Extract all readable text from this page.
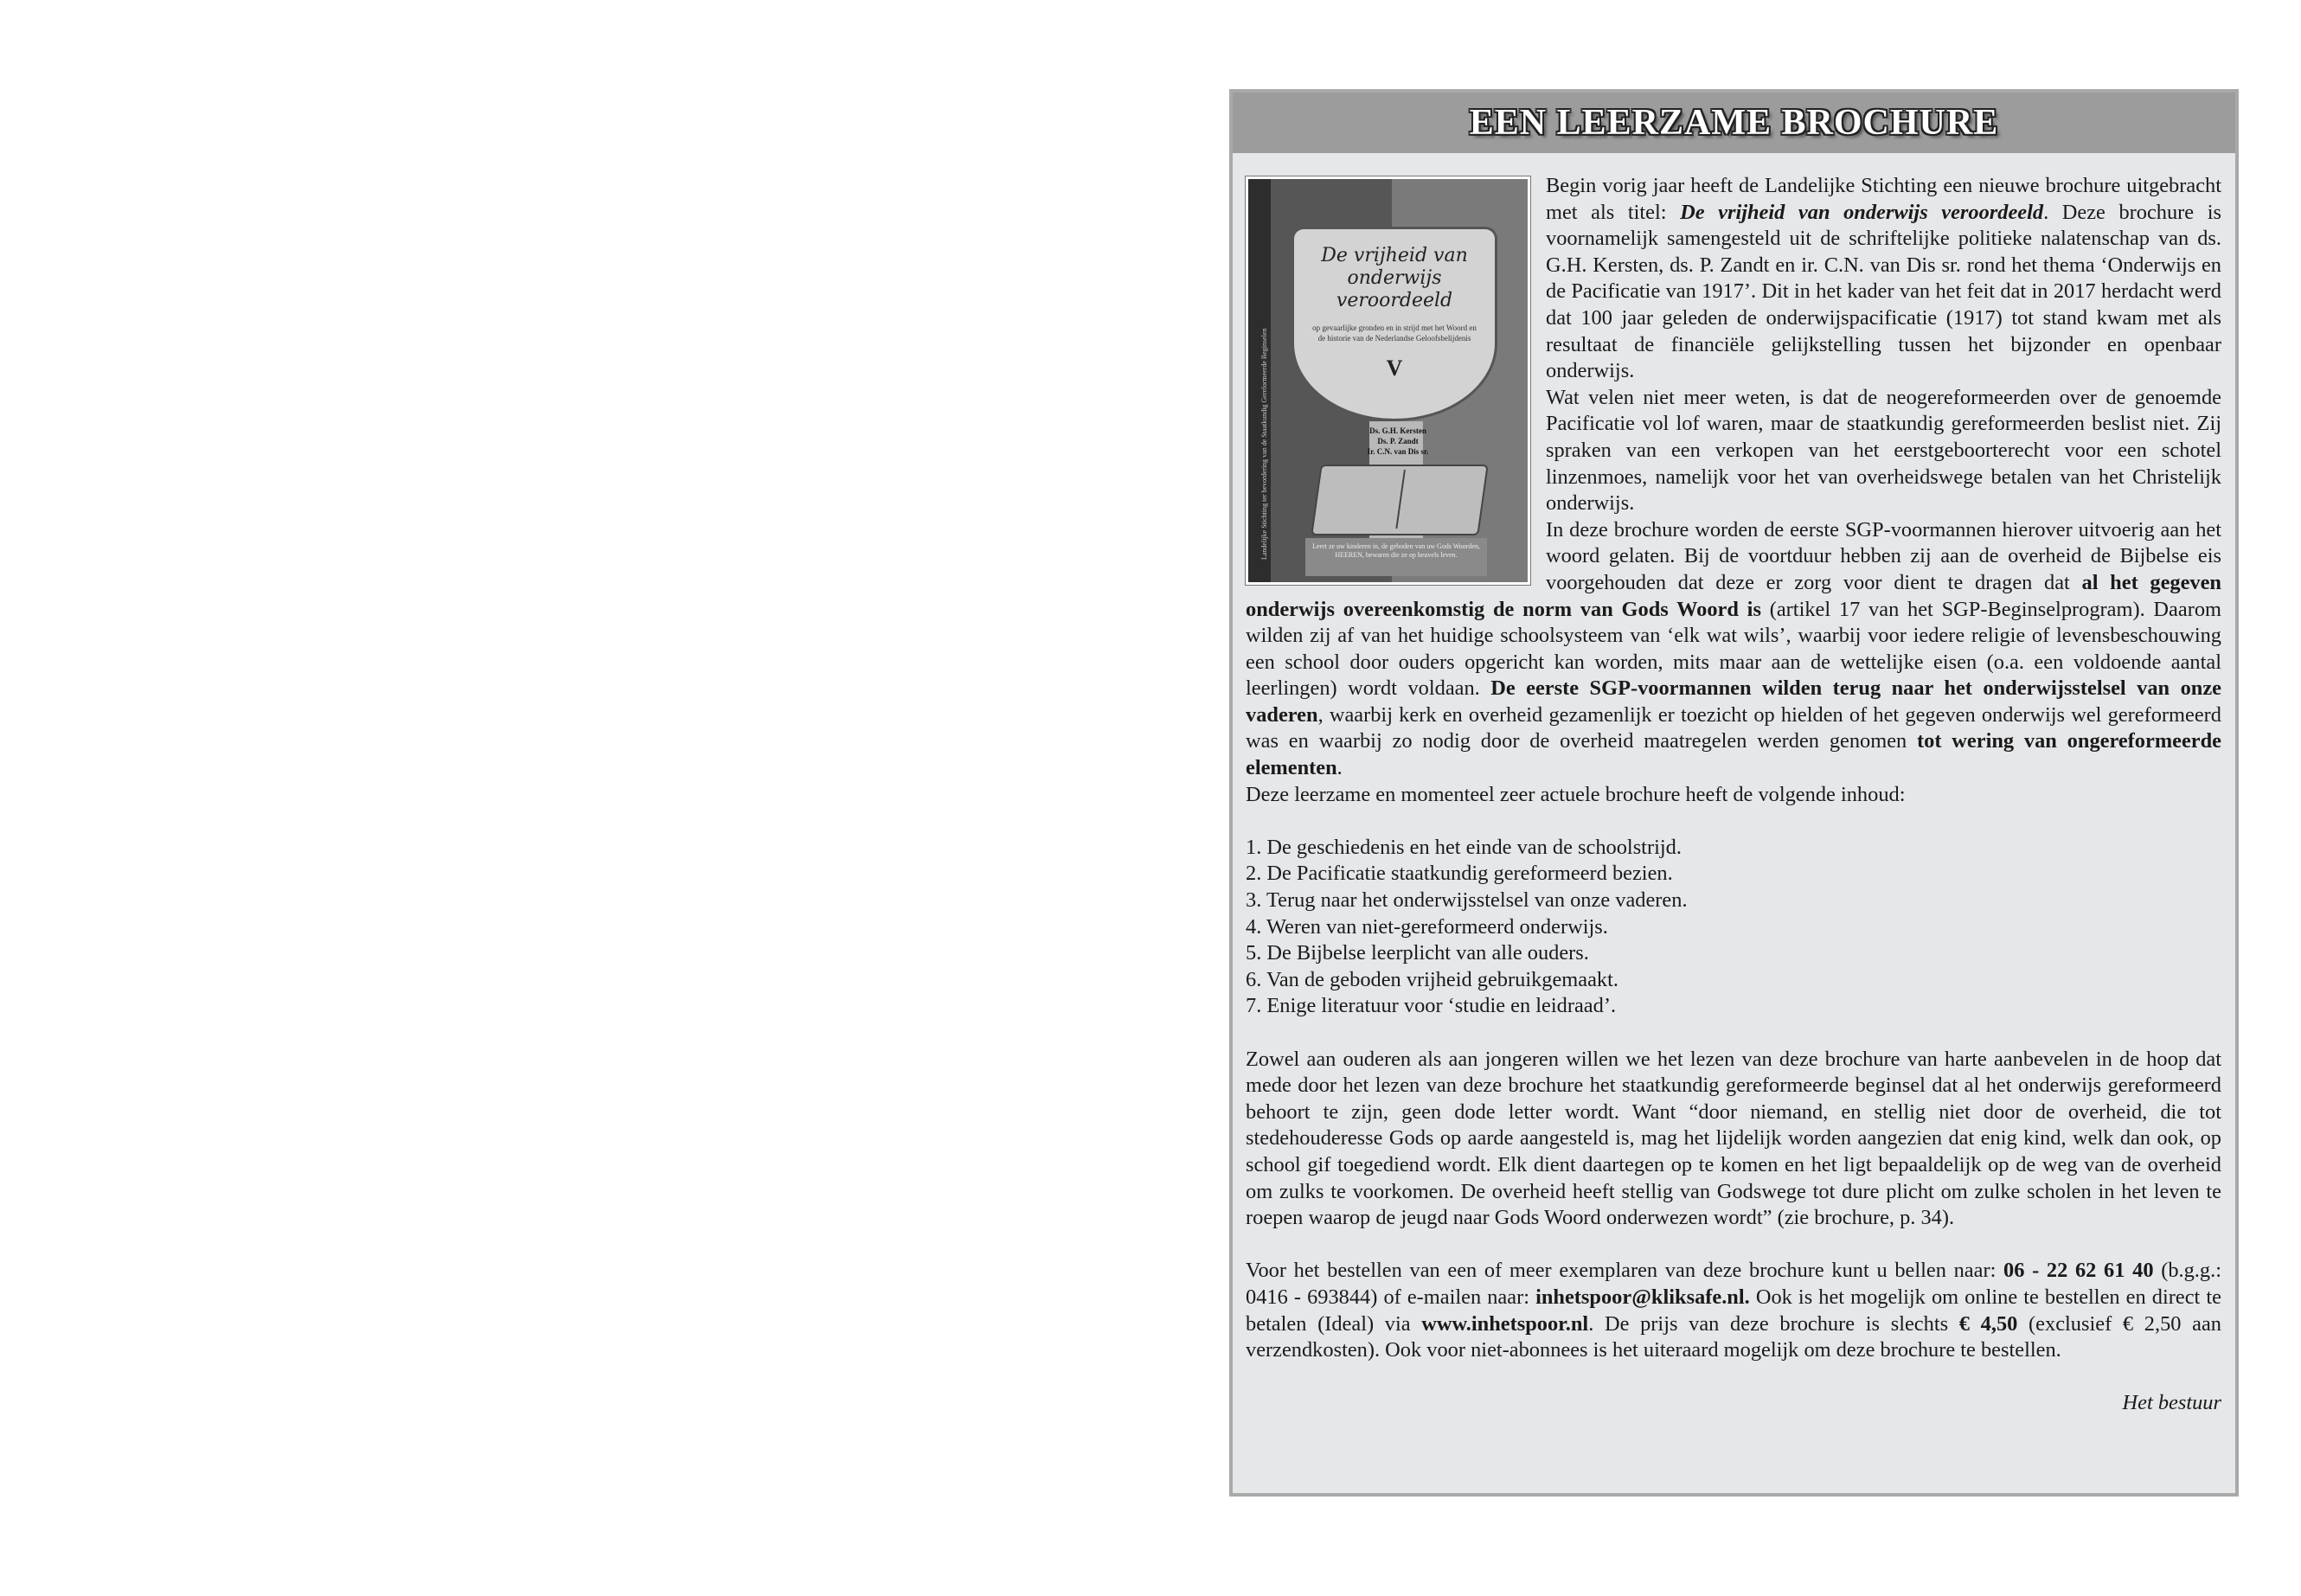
EEN LEERZAME BROCHURE
Landelijke Stichting ter bevordering van de Staatkundig Gereformeerde Beginselen
De vrijheid van onderwijs veroordeeld
op gevaarlijke gronden en in strijd met het Woord en de historie van de Nederlandse Geloofsbelijdenis
V
Ds. G.H. Kersten
Ds. P. Zandt
Ir. C.N. van Dis sr.
Leert ze uw kinderen in, de geboden van uw Gods Woorden, HEEREN, bewaren die ze op heuvels leven.

Begin vorig jaar heeft de Landelijke Stichting een nieuwe brochure uitgebracht met als titel: De vrijheid van onderwijs veroordeeld. Deze brochure is voornamelijk samengesteld uit de schriftelijke politieke nalatenschap van ds. G.H. Kersten, ds. P. Zandt en ir. C.N. van Dis sr. rond het thema ‘Onderwijs en de Pacificatie van 1917’. Dit in het kader van het feit dat in 2017 herdacht werd dat 100 jaar geleden de onderwijspacificatie (1917) tot stand kwam met als resultaat de financiële gelijkstelling tussen het bijzonder en openbaar onderwijs.

Wat velen niet meer weten, is dat de neogereformeerden over de genoemde Pacificatie vol lof waren, maar de staatkundig gereformeerden beslist niet. Zij spraken van een verkopen van het eerstgeboorterecht voor een schotel linzenmoes, namelijk voor het van overheidswege betalen van het Christelijk onderwijs.

In deze brochure worden de eerste SGP-voormannen hierover uitvoerig aan het woord gelaten. Bij de voortduur hebben zij aan de overheid de Bijbelse eis voorgehouden dat deze er zorg voor dient te dragen dat al het gegeven onderwijs overeenkomstig de norm van Gods Woord is (artikel 17 van het SGP-Beginselprogram). Daarom wilden zij af van het huidige schoolsysteem van ‘elk wat wils’, waarbij voor iedere religie of levensbeschouwing een school door ouders opgericht kan worden, mits maar aan de wettelijke eisen (o.a. een voldoende aantal leerlingen) wordt voldaan. De eerste SGP-voormannen wilden terug naar het onderwijsstelsel van onze vaderen, waarbij kerk en overheid gezamenlijk er toezicht op hielden of het gegeven onderwijs wel gereformeerd was en waarbij zo nodig door de overheid maatregelen werden genomen tot wering van ongereformeerde elementen.

Deze leerzame en momenteel zeer actuele brochure heeft de volgende inhoud:

1. De geschiedenis en het einde van de schoolstrijd.
2. De Pacificatie staatkundig gereformeerd bezien.
3. Terug naar het onderwijsstelsel van onze vaderen.
4. Weren van niet-gereformeerd onderwijs.
5. De Bijbelse leerplicht van alle ouders.
6. Van de geboden vrijheid gebruikgemaakt.
7. Enige literatuur voor ‘studie en leidraad’.

Zowel aan ouderen als aan jongeren willen we het lezen van deze brochure van harte aanbevelen in de hoop dat mede door het lezen van deze brochure het staatkundig gereformeerde beginsel dat al het onderwijs gereformeerd behoort te zijn, geen dode letter wordt. Want “door niemand, en stellig niet door de overheid, die tot stedehouderesse Gods op aarde aangesteld is, mag het lijdelijk worden aangezien dat enig kind, welk dan ook, op school gif toegediend wordt. Elk dient daartegen op te komen en het ligt bepaaldelijk op de weg van de overheid om zulks te voorkomen. De overheid heeft stellig van Godswege tot dure plicht om zulke scholen in het leven te roepen waarop de jeugd naar Gods Woord onderwezen wordt” (zie brochure, p. 34).

Voor het bestellen van een of meer exemplaren van deze brochure kunt u bellen naar: 06 - 22 62 61 40 (b.g.g.: 0416 - 693844) of e-mailen naar: inhetspoor@kliksafe.nl. Ook is het mogelijk om online te bestellen en direct te betalen (Ideal) via www.inhetspoor.nl. De prijs van deze brochure is slechts € 4,50 (exclusief € 2,50 aan verzendkosten). Ook voor niet-abonnees is het uiteraard mogelijk om deze brochure te bestellen.

Het bestuur
